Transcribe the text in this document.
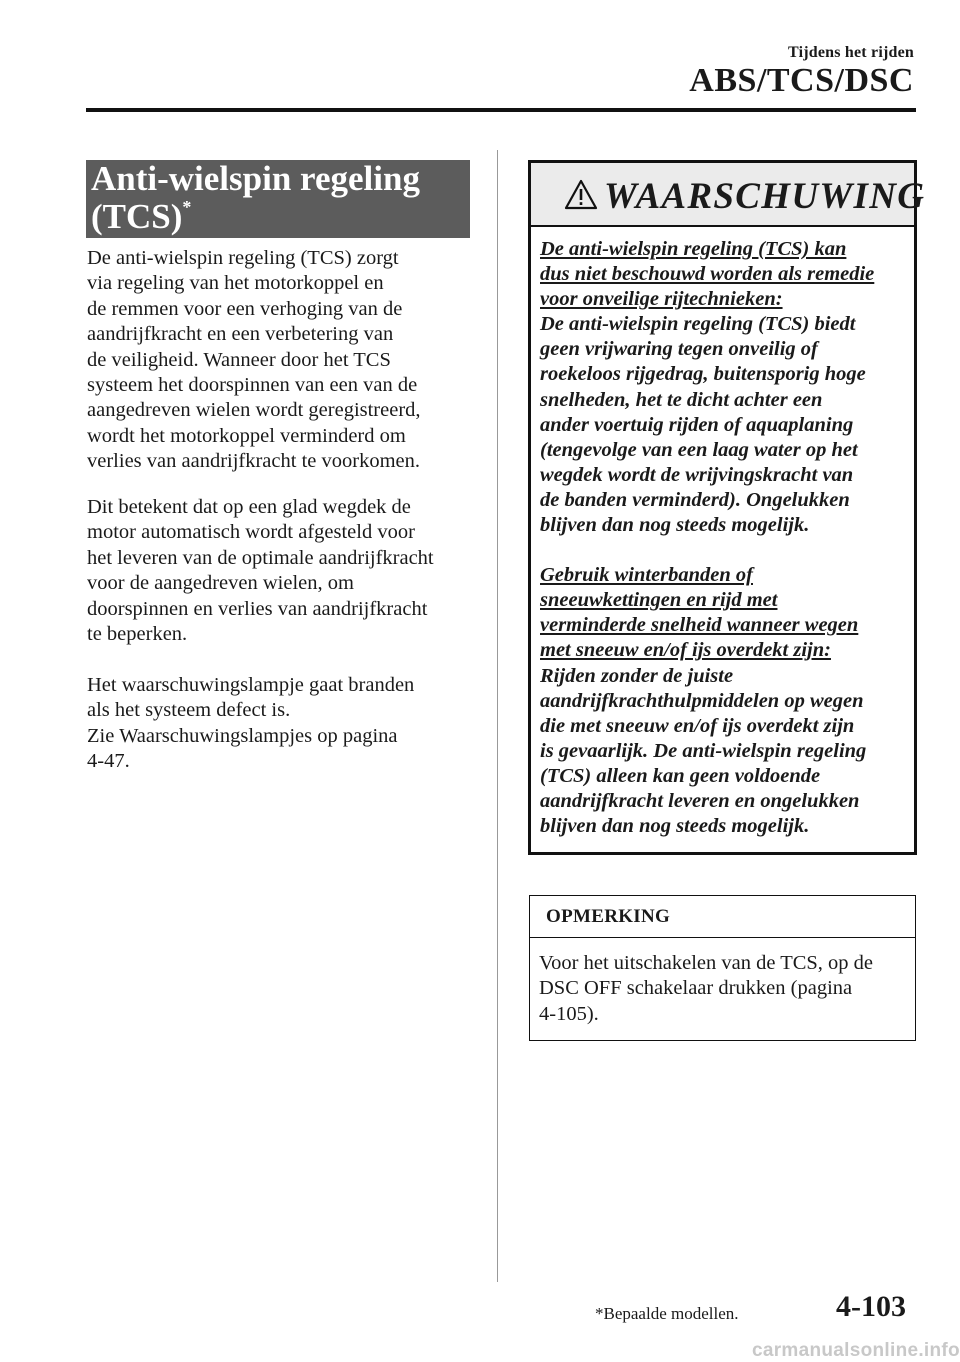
Tijdens het rijden
ABS/TCS/DSC
Anti-wielspin regeling
(TCS)*
De anti-wielspin regeling (TCS) zorgt
via regeling van het motorkoppel en
de remmen voor een verhoging van de
aandrijfkracht en een verbetering van
de veiligheid. Wanneer door het TCS
systeem het doorspinnen van een van de
aangedreven wielen wordt geregistreerd,
wordt het motorkoppel verminderd om
verlies van aandrijfkracht te voorkomen.
Dit betekent dat op een glad wegdek de
motor automatisch wordt afgesteld voor
het leveren van de optimale aandrijfkracht
voor de aangedreven wielen, om
doorspinnen en verlies van aandrijfkracht
te beperken.
Het waarschuwingslampje gaat branden
als het systeem defect is.
Zie Waarschuwingslampjes op pagina
4-47.
WAARSCHUWING

De anti-wielspin regeling (TCS) kan
dus niet beschouwd worden als remedie
voor onveilige rijtechnieken:

De anti-wielspin regeling (TCS) biedt
geen vrijwaring tegen onveilig of
roekeloos rijgedrag, buitensporig hoge
snelheden, het te dicht achter een
ander voertuig rijden of aquaplaning
(tengevolge van een laag water op het
wegdek wordt de wrijvingskracht van
de banden verminderd). Ongelukken
blijven dan nog steeds mogelijk.

Gebruik winterbanden of
sneeuwkettingen en rijd met
verminderde snelheid wanneer wegen
met sneeuw en/of ijs overdekt zijn:

Rijden zonder de juiste
aandrijfkrachthulpmiddelen op wegen
die met sneeuw en/of ijs overdekt zijn
is gevaarlijk. De anti-wielspin regeling
(TCS) alleen kan geen voldoende
aandrijfkracht leveren en ongelukken
blijven dan nog steeds mogelijk.

OPMERKING
Voor het uitschakelen van de TCS, op de
DSC OFF schakelaar drukken (pagina
4-105).
*Bepaalde modellen.	4-103
carmanualsonline.info
